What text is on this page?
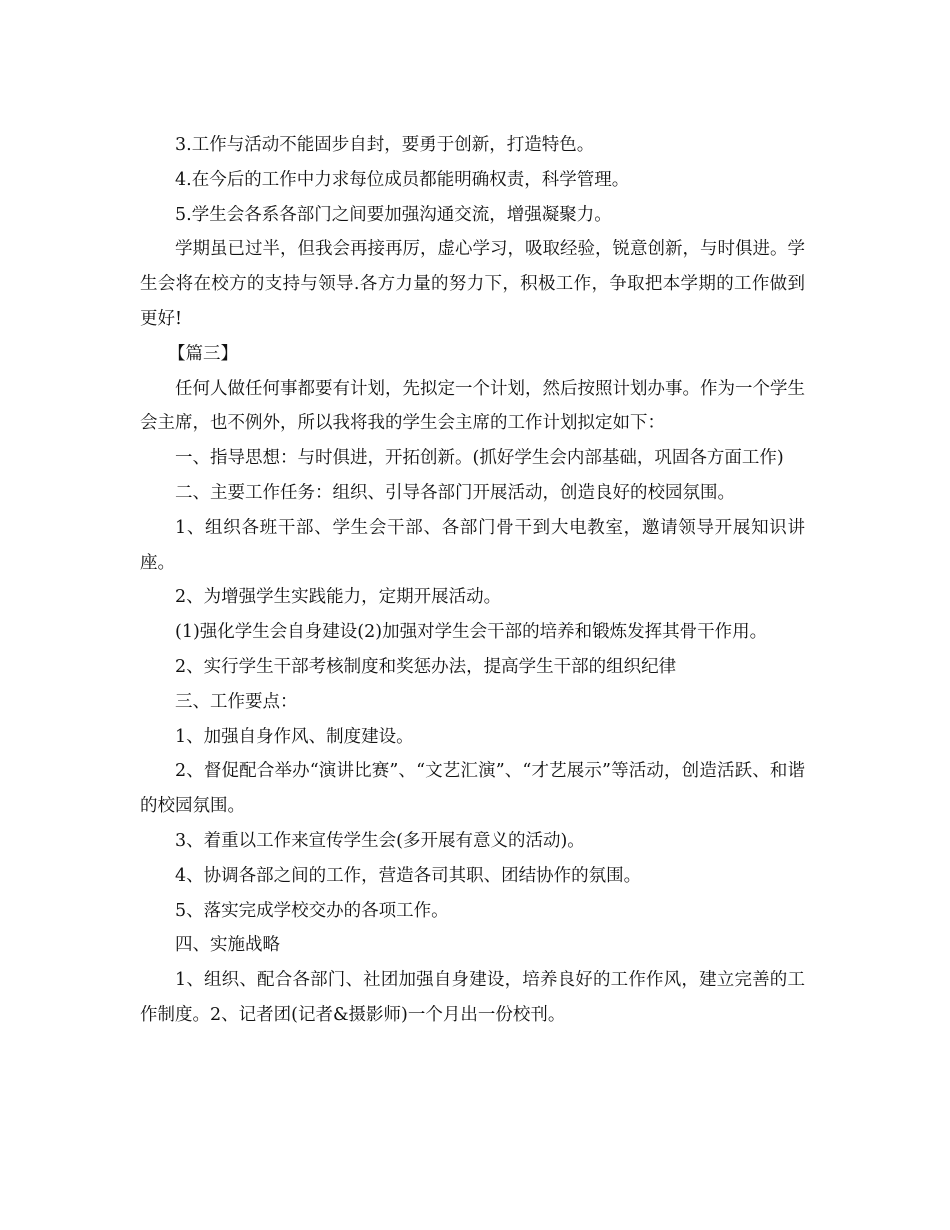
3.工作与活动不能固步自封，要勇于创新，打造特色。

4.在今后的工作中力求每位成员都能明确权责，科学管理。

5.学生会各系各部门之间要加强沟通交流，增强凝聚力。

学期虽已过半，但我会再接再厉，虚心学习，吸取经验，锐意创新，与时俱进。学生会将在校方的支持与领导.各方力量的努力下，积极工作，争取把本学期的工作做到更好!

【篇三】

任何人做任何事都要有计划，先拟定一个计划，然后按照计划办事。作为一个学生会主席，也不例外，所以我将我的学生会主席的工作计划拟定如下：

一、指导思想：与时俱进，开拓创新。(抓好学生会内部基础，巩固各方面工作)

二、主要工作任务：组织、引导各部门开展活动，创造良好的校园氛围。

1、组织各班干部、学生会干部、各部门骨干到大电教室，邀请领导开展知识讲座。

2、为增强学生实践能力，定期开展活动。

(1)强化学生会自身建设(2)加强对学生会干部的培养和锻炼发挥其骨干作用。

2、实行学生干部考核制度和奖惩办法，提高学生干部的组织纪律

三、工作要点：

1、加强自身作风、制度建设。

2、督促配合举办“演讲比赛”、“文艺汇演”、“才艺展示”等活动，创造活跃、和谐的校园氛围。

3、着重以工作来宣传学生会(多开展有意义的活动)。

4、协调各部之间的工作，营造各司其职、团结协作的氛围。

5、落实完成学校交办的各项工作。

四、实施战略

1、组织、配合各部门、社团加强自身建设，培养良好的工作作风，建立完善的工作制度。2、记者团(记者&摄影师)一个月出一份校刊。
